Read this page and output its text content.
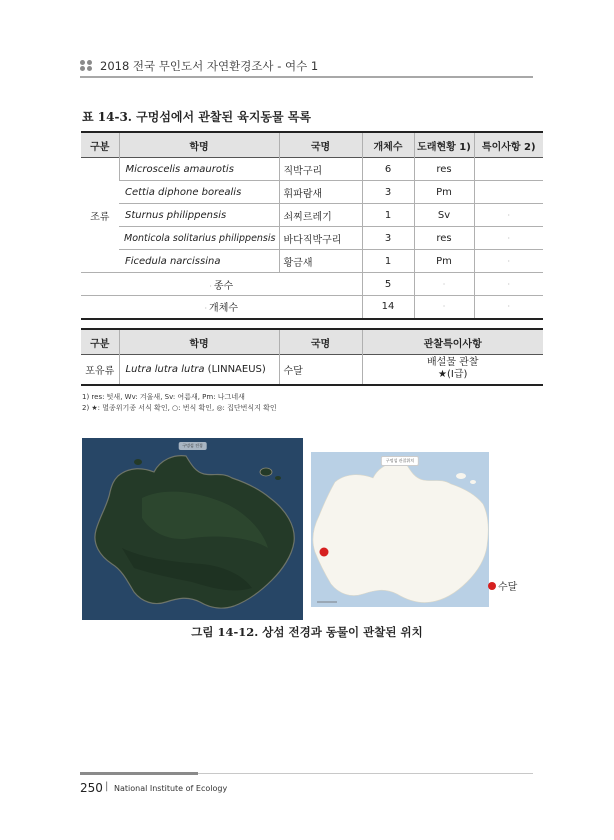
2018 전국 무인도서 자연환경조사 - 여수 1
표 14-3. 구멍섬에서 관찰된 육지동물 목록
구분	학명	국명	개체수	도래현황 1)	특이사항 2)
조류	Microscelis amaurotis	직박구리	6	res	
	Cettia diphone borealis	휘파람새	3	Pm	
	Sturnus philippensis	쇠찌르레기	1	Sv	·
	Monticola solitarius philippensis	바다직박구리	3	res	·
	Ficedula narcissina	황금새	1	Pm	·
· 종수			5	·	·
· 개체수			14	·	·
구분	학명	국명	관찰특이사항
포유류	Lutra lutra lutra (LINNAEUS)	수달	배설물 관찰
★(Ⅰ급)
1) res: 텃새, Wv: 겨울새, Sv: 여름새, Pm: 나그네새
2) ★: 멸종위기종 서식 확인, ○: 번식 확인, ◎: 집단번식지 확인
구멍섬 전경
구멍섬 관찰위치
수달
그림 14-12. 상섬 전경과 동물이 관찰된 위치
250 | National Institute of Ecology
